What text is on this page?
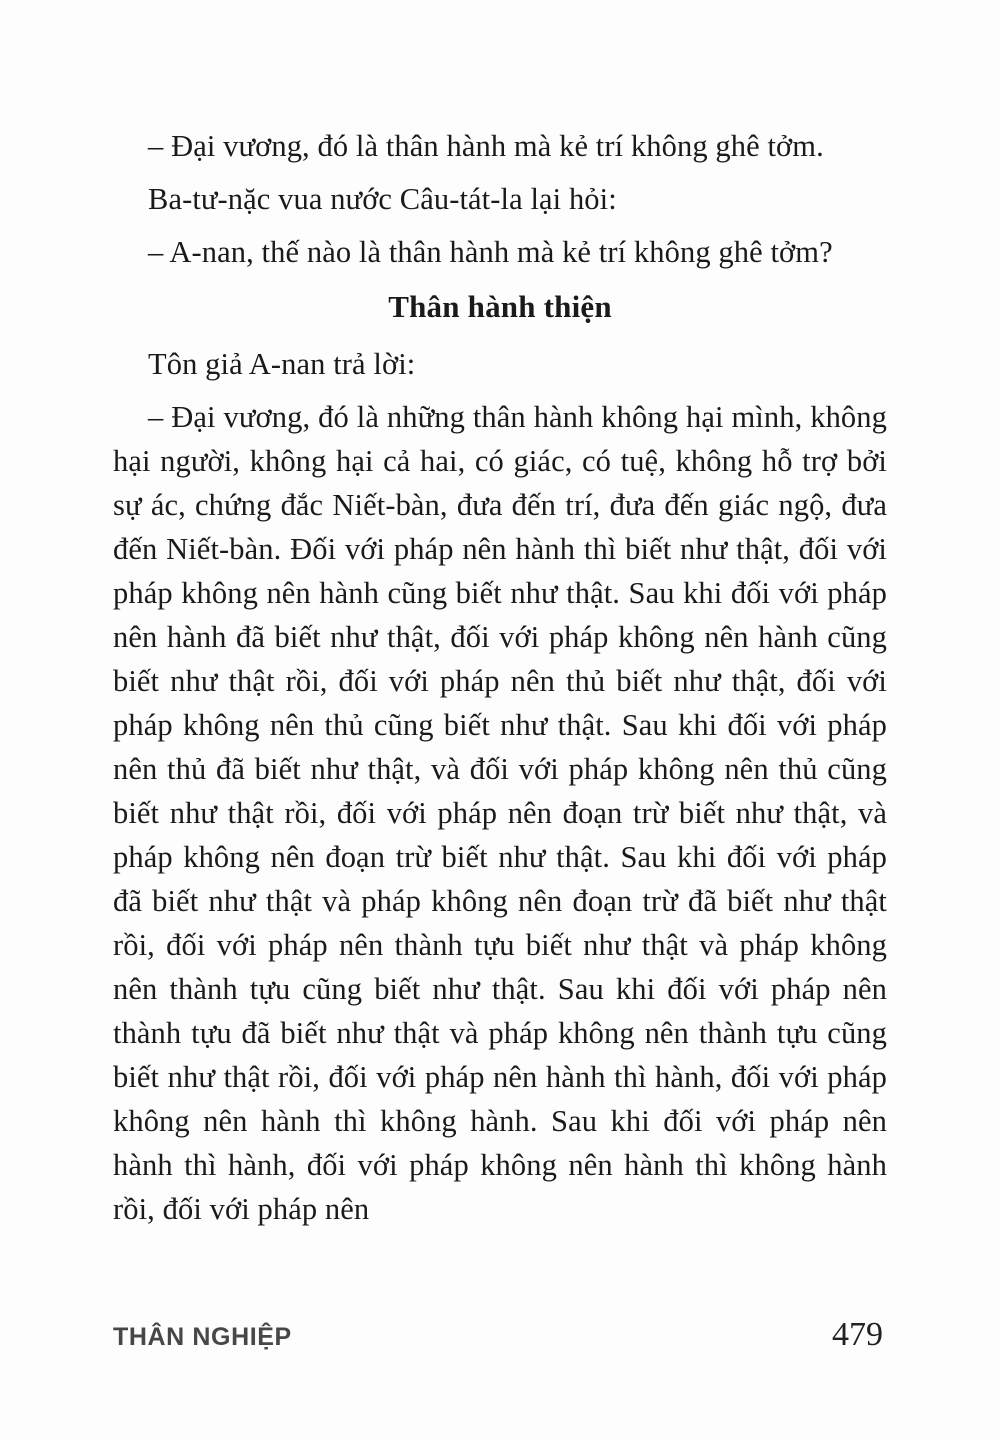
– Đại vương, đó là thân hành mà kẻ trí không ghê tởm.

Ba-tư-nặc vua nước Câu-tát-la lại hỏi:

– A-nan, thế nào là thân hành mà kẻ trí không ghê tởm?

Thân hành thiện

Tôn giả A-nan trả lời:

– Đại vương, đó là những thân hành không hại mình, không hại người, không hại cả hai, có giác, có tuệ, không hỗ trợ bởi sự ác, chứng đắc Niết-bàn, đưa đến trí, đưa đến giác ngộ, đưa đến Niết-bàn. Đối với pháp nên hành thì biết như thật, đối với pháp không nên hành cũng biết như thật. Sau khi đối với pháp nên hành đã biết như thật, đối với pháp không nên hành cũng biết như thật rồi, đối với pháp nên thủ biết như thật, đối với pháp không nên thủ cũng biết như thật. Sau khi đối với pháp nên thủ đã biết như thật, và đối với pháp không nên thủ cũng biết như thật rồi, đối với pháp nên đoạn trừ biết như thật, và pháp không nên đoạn trừ biết như thật. Sau khi đối với pháp đã biết như thật và pháp không nên đoạn trừ đã biết như thật rồi, đối với pháp nên thành tựu biết như thật và pháp không nên thành tựu cũng biết như thật. Sau khi đối với pháp nên thành tựu đã biết như thật và pháp không nên thành tựu cũng biết như thật rồi, đối với pháp nên hành thì hành, đối với pháp không nên hành thì không hành. Sau khi đối với pháp nên hành thì hành, đối với pháp không nên hành thì không hành rồi, đối với pháp nên

THÂN NGHIỆP	479
